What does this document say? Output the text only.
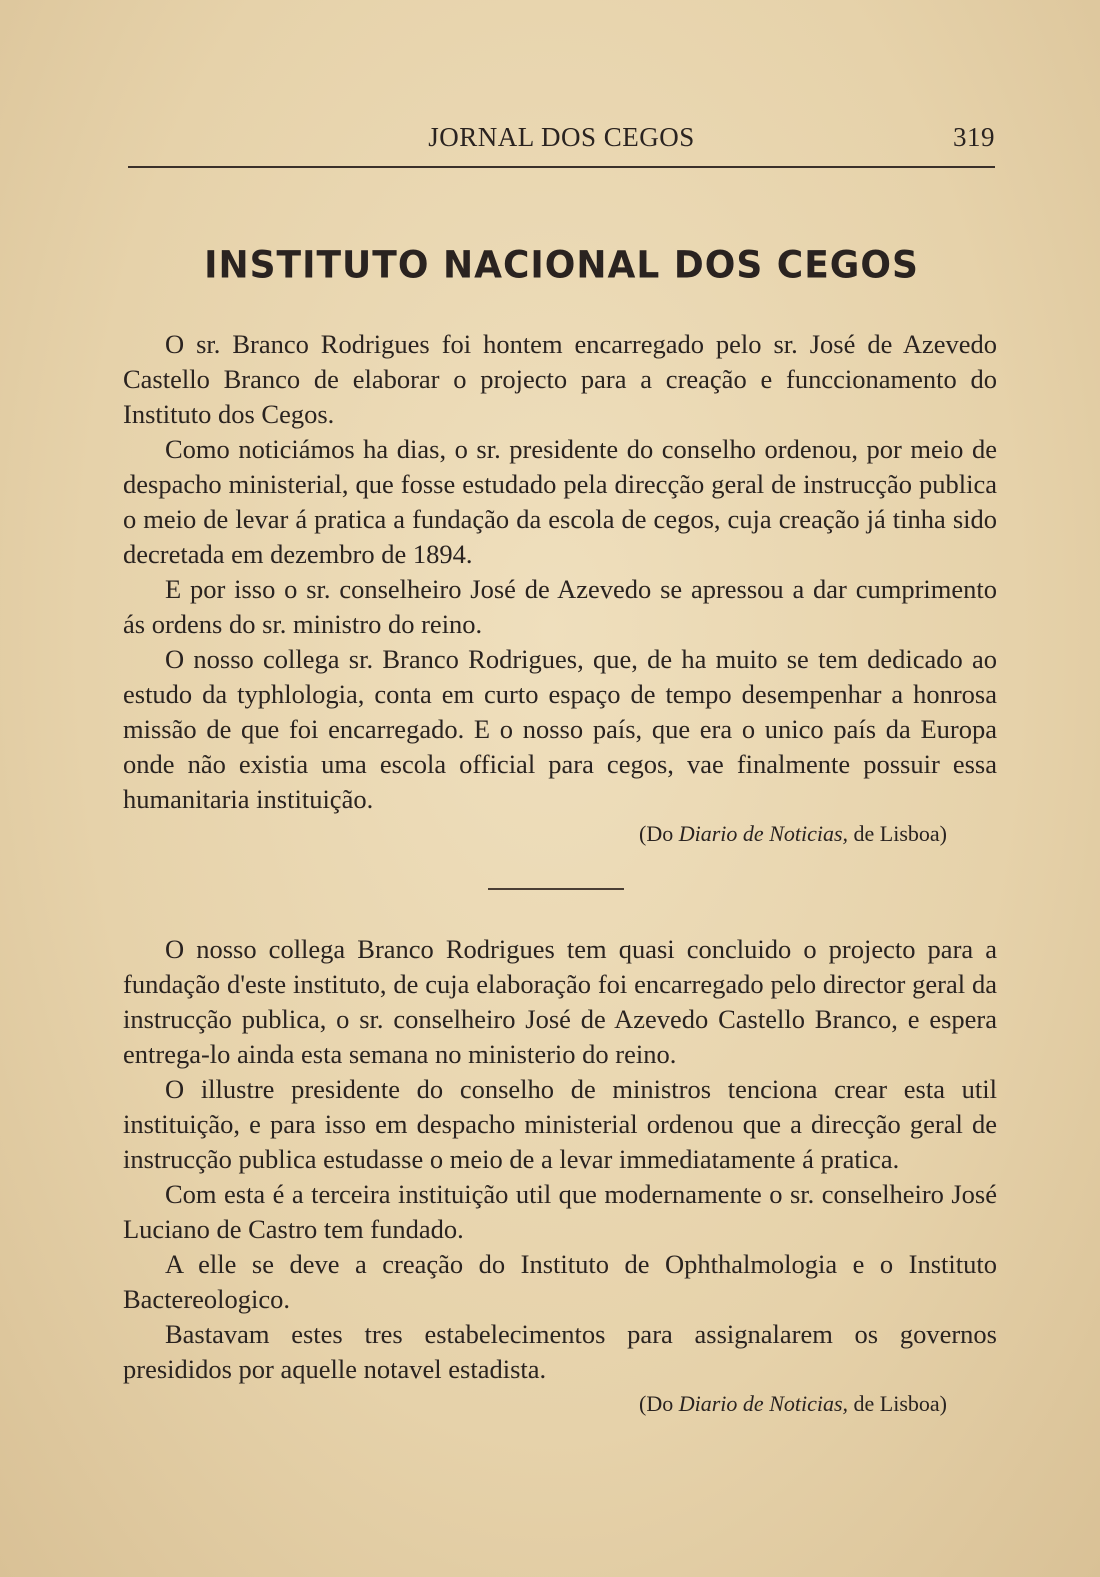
JORNAL DOS CEGOS	319
INSTITUTO NACIONAL DOS CEGOS

O sr. Branco Rodrigues foi hontem encarregado pelo sr. José de Azevedo Castello Branco de elaborar o projecto para a creação e funccionamento do Instituto dos Cegos.

Como noticiámos ha dias, o sr. presidente do conselho ordenou, por meio de despacho ministerial, que fosse estudado pela direcção geral de instrucção publica o meio de levar á pratica a fundação da escola de cegos, cuja creação já tinha sido decretada em dezembro de 1894.

E por isso o sr. conselheiro José de Azevedo se apressou a dar cumprimento ás ordens do sr. ministro do reino.

O nosso collega sr. Branco Rodrigues, que, de ha muito se tem dedicado ao estudo da typhlologia, conta em curto espaço de tempo desempenhar a honrosa missão de que foi encarregado. E o nosso país, que era o unico país da Europa onde não existia uma escola official para cegos, vae finalmente possuir essa humanitaria instituição.

(Do Diario de Noticias, de Lisboa)

O nosso collega Branco Rodrigues tem quasi concluido o projecto para a fundação d'este instituto, de cuja elaboração foi encarregado pelo director geral da instrucção publica, o sr. conselheiro José de Azevedo Castello Branco, e espera entrega-lo ainda esta semana no ministerio do reino.

O illustre presidente do conselho de ministros tenciona crear esta util instituição, e para isso em despacho ministerial ordenou que a direcção geral de instrucção publica estudasse o meio de a levar immediatamente á pratica.

Com esta é a terceira instituição util que modernamente o sr. conselheiro José Luciano de Castro tem fundado.

A elle se deve a creação do Instituto de Ophthalmologia e o Instituto Bactereologico.

Bastavam estes tres estabelecimentos para assignalarem os governos presididos por aquelle notavel estadista.

(Do Diario de Noticias, de Lisboa)
